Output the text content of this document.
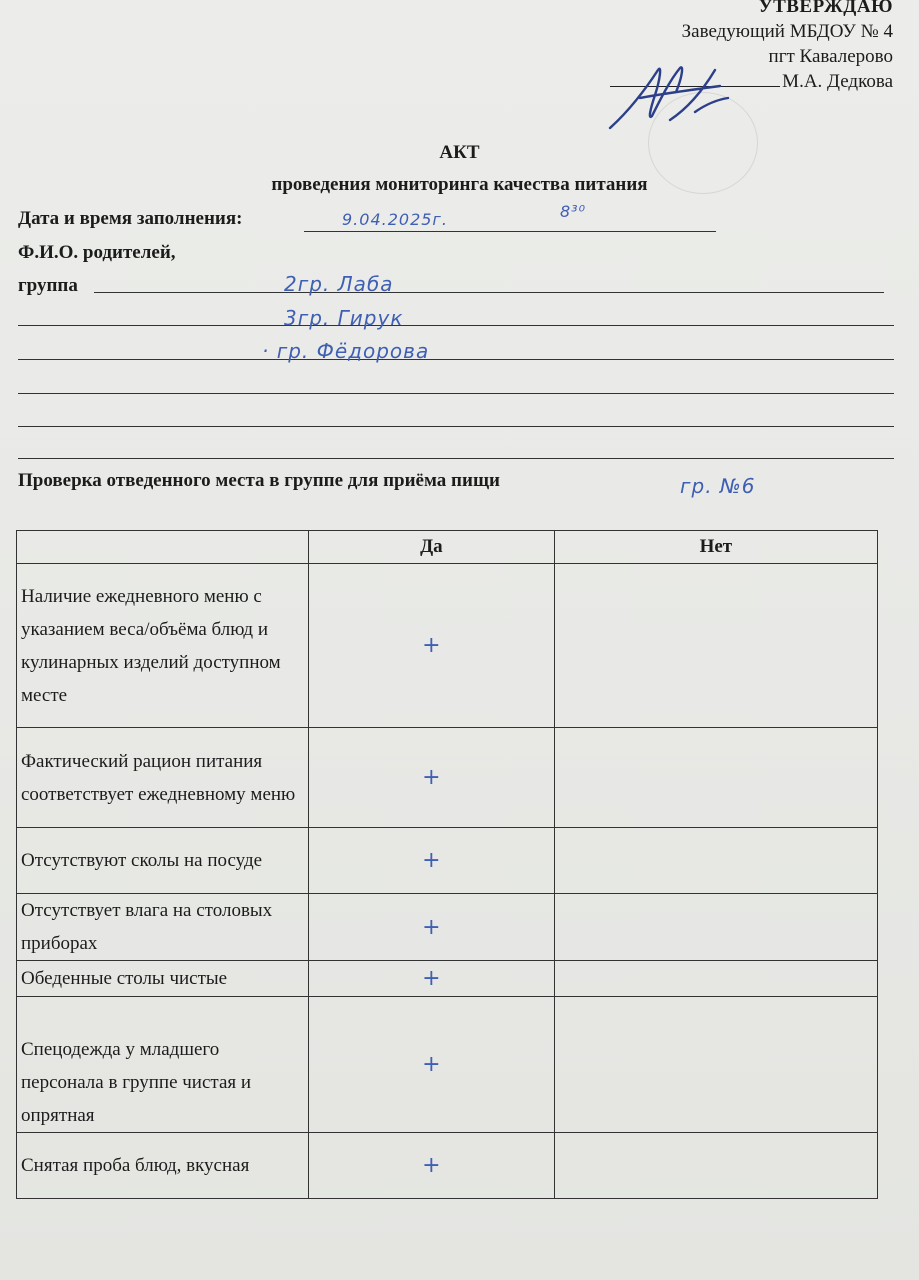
УТВЕРЖДАЮ
Заведующий МБДОУ № 4
пгт Кавалерово
М.А. Дедкова
АКТ
проведения мониторинга качества питания
Дата и время заполнения:	9.04.2025г.	8³⁰
Ф.И.О. родителей,
группа	2гр. Лаба
3гр. Гирук
· гр. Фёдорова
Проверка отведенного места в группе для приёма пищи	гр. №6
	Да	Нет
Наличие ежедневного меню с указанием веса/объёма блюд и кулинарных изделий доступном месте	+	
Фактический рацион питания соответствует ежедневному меню	+	
Отсутствуют сколы на посуде	+	
Отсутствует влага на столовых приборах	+	
Обеденные столы чистые	+	
Спецодежда у младшего персонала в группе чистая и опрятная	+	
Снятая проба блюд, вкусная	+	
